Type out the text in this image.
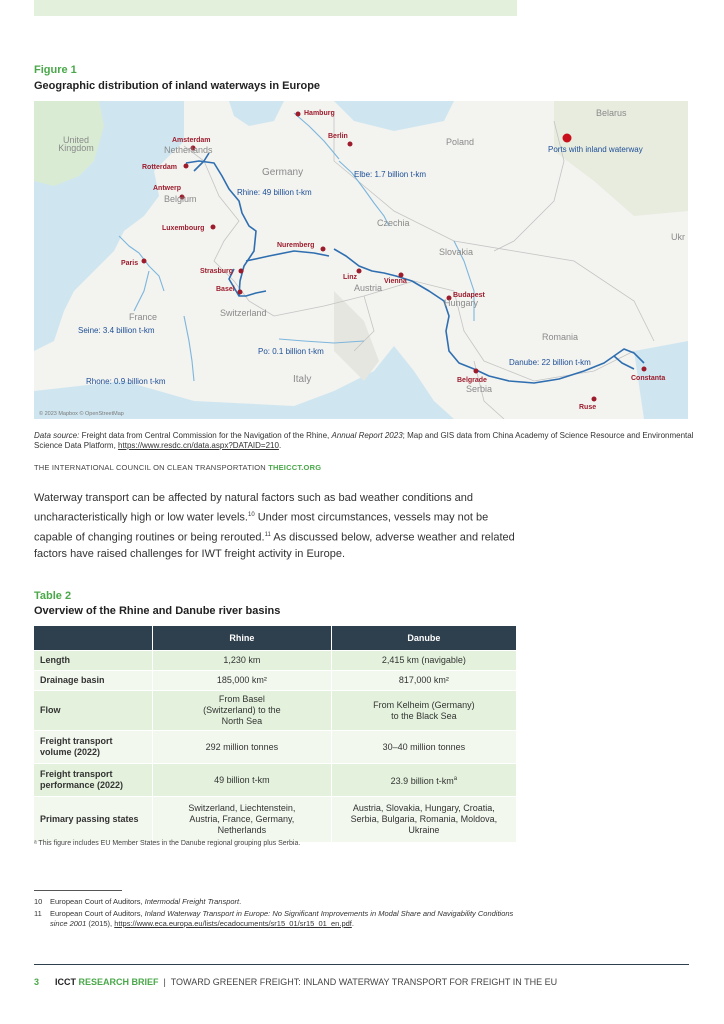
Figure 1
Geographic distribution of inland waterways in Europe
Belarus
United Kingdom	Netherlands
Germany
Poland
Belgium
Czechia
Ukr
Slovakia
Austria
Hungary
France	Switzerland
Romania
Italy
Serbia
Hamburg
Amsterdam
Berlin
Rotterdam
Antwerp
Luxembourg
Nuremberg
Paris
Strasburg
Linz
Vienna
Basel
Budapest
Belgrade	Constanta
Ruse
Rhine: 49 billion t-km
Elbe: 1.7 billion t-km
Seine: 3.4 billion t-km
Po: 0.1 billion t-km
Danube: 22 billion t-km
Rhone: 0.9 billion t-km
Ports with inland waterway
© 2023 Mapbox © OpenStreetMap
Data source: Freight data from Central Commission for the Navigation of the Rhine, Annual Report 2023; Map and GIS data from China Academy of Science Resource and Environmental Science Data Platform, https://www.resdc.cn/data.aspx?DATAID=210.
THE INTERNATIONAL COUNCIL ON CLEAN TRANSPORTATION THEICCT.ORG
Waterway transport can be affected by natural factors such as bad weather conditions and uncharacteristically high or low water levels.$^{10}$ Under most circumstances, vessels may not be capable of changing routines or being rerouted.$^{11}$ As discussed below, adverse weather and related factors have raised challenges for IWT freight activity in Europe.
Table 2
Overview of the Rhine and Danube river basins
	Rhine	Danube
Length	1,230 km	2,415 km (navigable)
Drainage basin	185,000 km²	817,000 km²
Flow	From Basel (Switzerland) to the North Sea	From Kelheim (Germany) to the Black Sea
Freight transport volume (2022)	292 million tonnes	30–40 million tonnes
Freight transport performance (2022)	49 billion t-km	23.9 billion $t-km^a$
Primary passing states	Switzerland, Liechtenstein, Austria, France, Germany, Netherlands	Austria, Slovakia, Hungary, Croatia, Serbia, Bulgaria, Romania, Moldova, Ukraine
ᵃ This figure includes EU Member States in the Danube regional grouping plus Serbia.
10 European Court of Auditors, Intermodal Freight Transport.
11 European Court of Auditors, Inland Waterway Transport in Europe: No Significant Improvements in Modal Share and Navigability Conditions since 2001 (2015), https://www.eca.europa.eu/lists/ecadocuments/sr15_01/sr15_01_en.pdf.
3 ICCT RESEARCH BRIEF  |  TOWARD GREENER FREIGHT: INLAND WATERWAY TRANSPORT FOR FREIGHT IN THE EU
